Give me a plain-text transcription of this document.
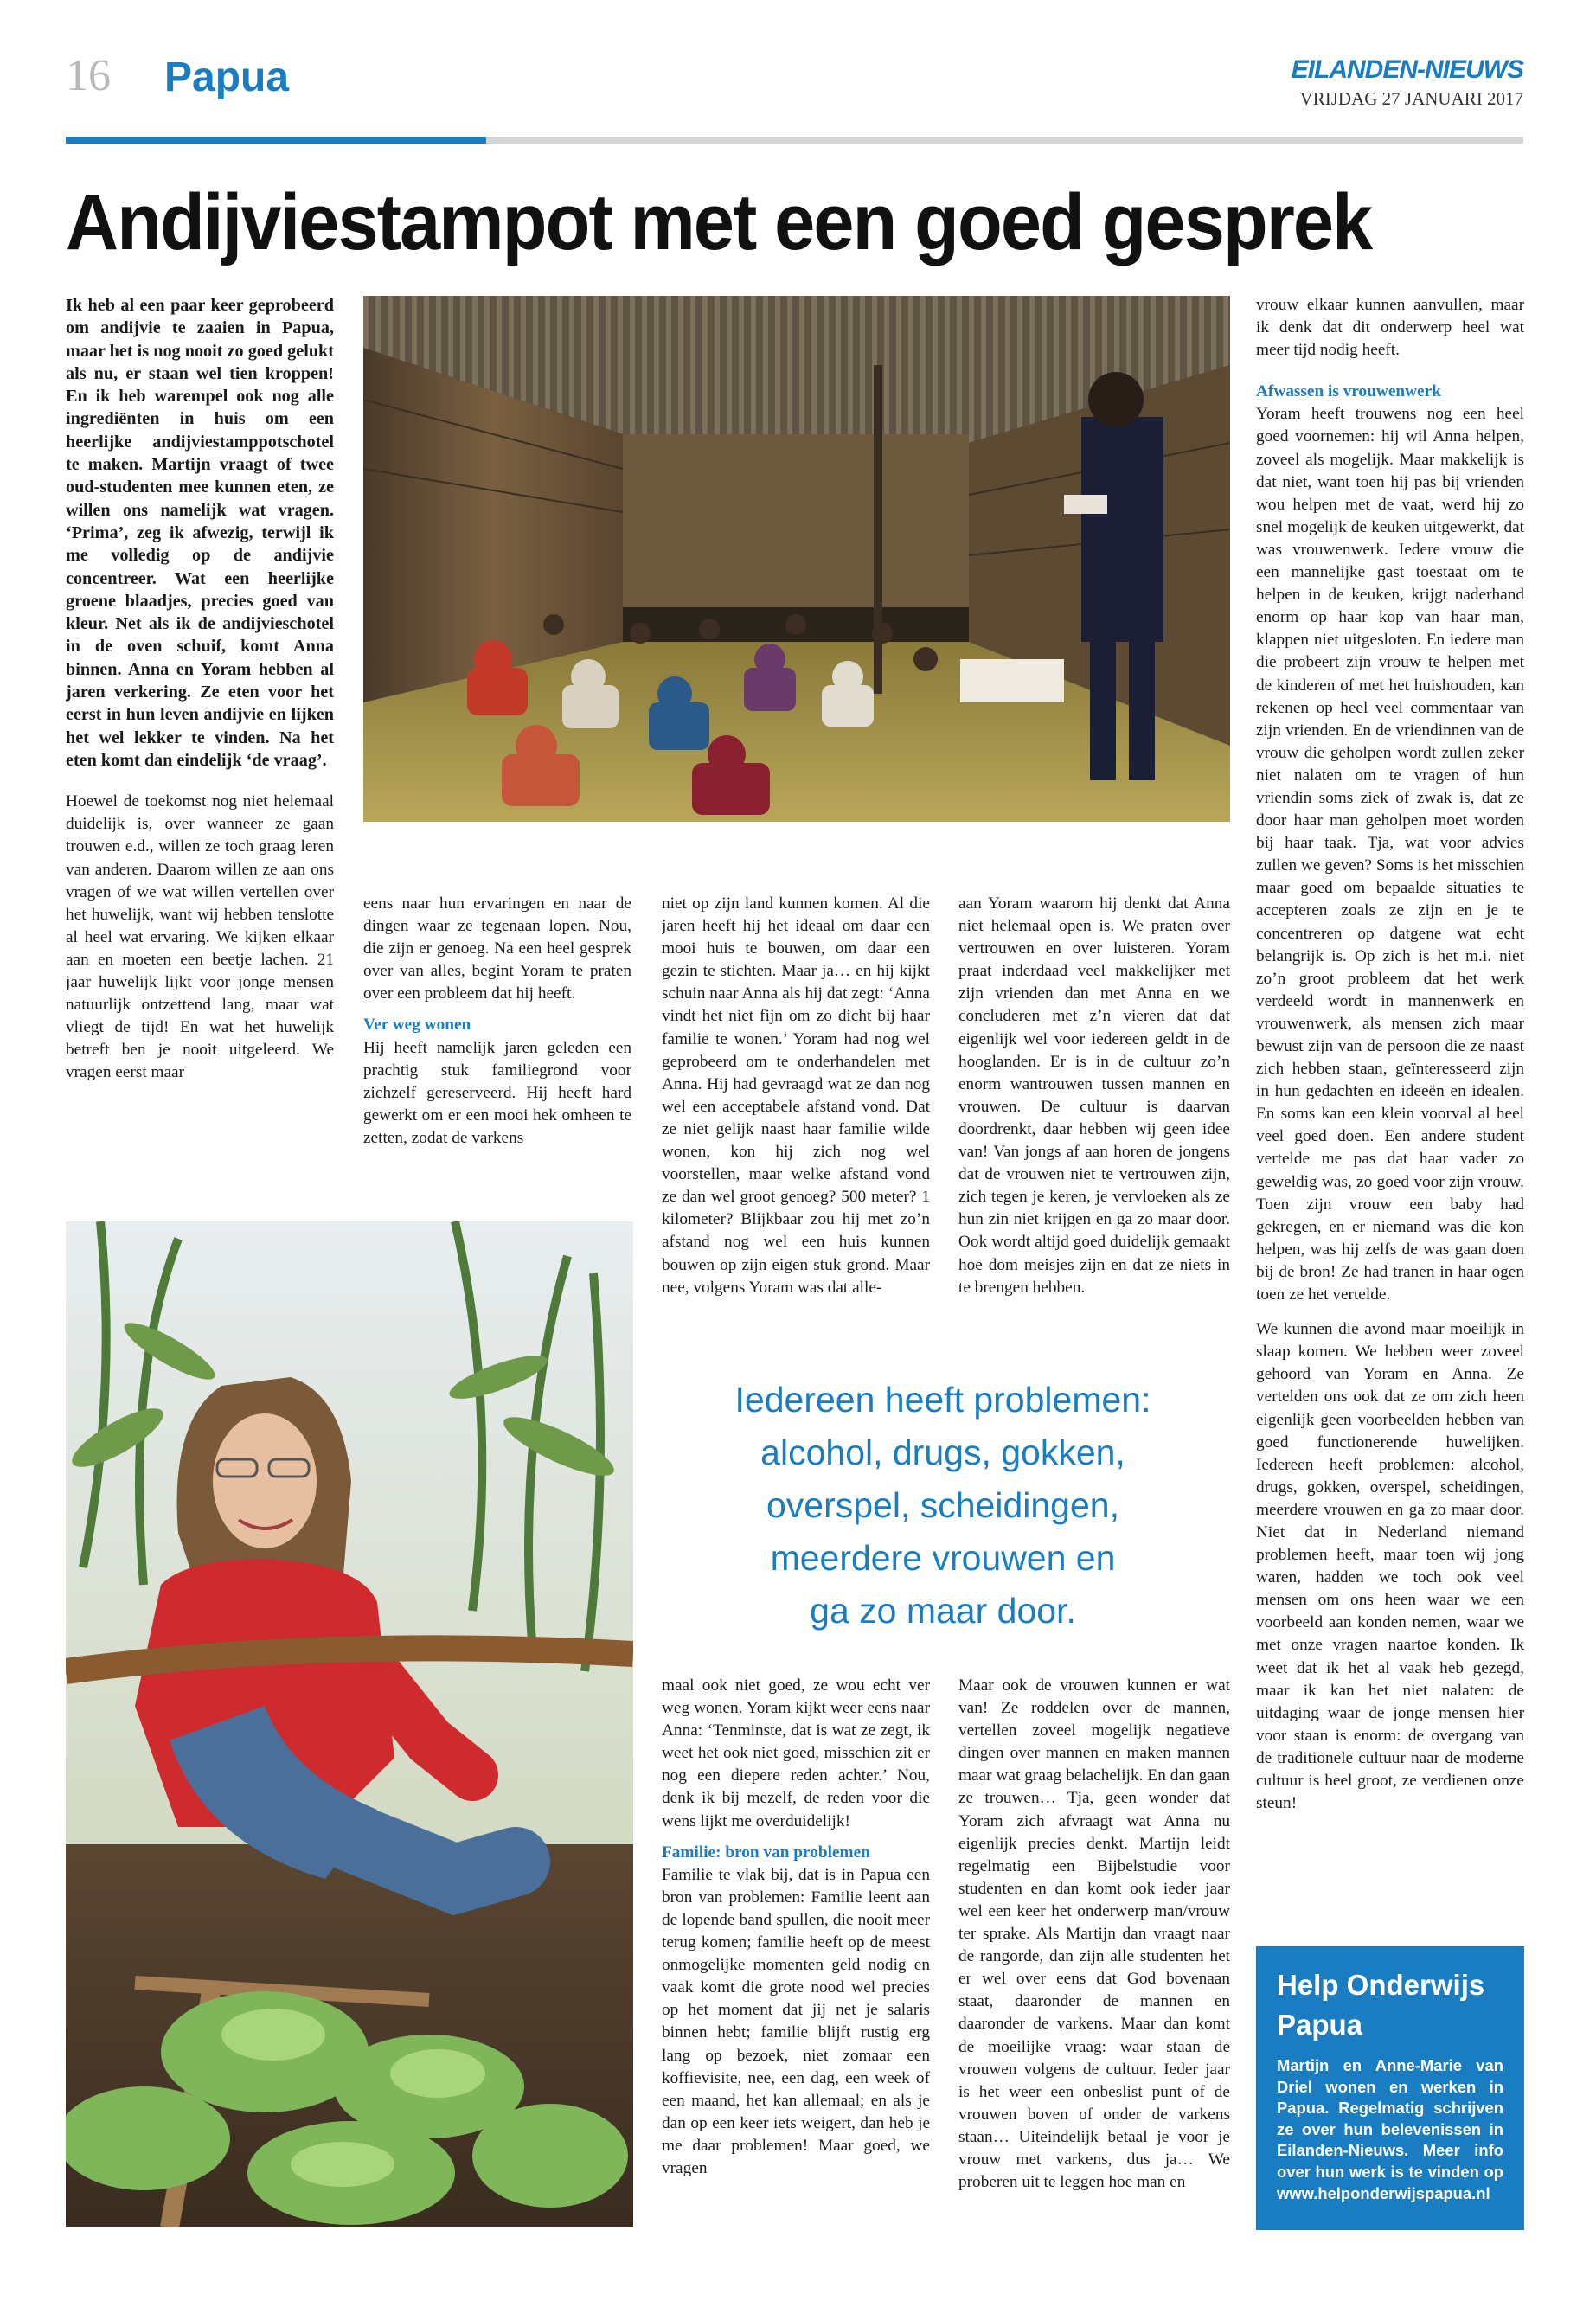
16 Papua	EILANDEN-NIEUWS
VRIJDAG 27 JANUARI 2017
Andijviestampot met een goed gesprek

Ik heb al een paar keer geprobeerd om andijvie te zaaien in Papua, maar het is nog nooit zo goed gelukt als nu, er staan wel tien kroppen! En ik heb warempel ook nog alle ingrediënten in huis om een heerlijke andijviestamppotschotel te maken. Martijn vraagt of twee oud-studenten mee kunnen eten, ze willen ons namelijk wat vragen. ‘Prima’, zeg ik afwezig, terwijl ik me volledig op de andijvie concentreer. Wat een heerlijke groene blaadjes, precies goed van kleur. Net als ik de andijvieschotel in de oven schuif, komt Anna binnen. Anna en Yoram hebben al jaren verkering. Ze eten voor het eerst in hun leven andijvie en lijken het wel lekker te vinden. Na het eten komt dan eindelijk ‘de vraag’.

Hoewel de toekomst nog niet helemaal duidelijk is, over wanneer ze gaan trouwen e.d., willen ze toch graag leren van anderen. Daarom willen ze aan ons vragen of we wat willen vertellen over het huwelijk, want wij hebben tenslotte al heel wat ervaring. We kijken elkaar aan en moeten een beetje lachen. 21 jaar huwelijk lijkt voor jonge mensen natuurlijk ontzettend lang, maar wat vliegt de tijd! En wat het huwelijk betreft ben je nooit uitgeleerd. We vragen eerst maar

eens naar hun ervaringen en naar de dingen waar ze tegenaan lopen. Nou, die zijn er genoeg. Na een heel gesprek over van alles, begint Yoram te praten over een probleem dat hij heeft.

Ver weg wonen

Hij heeft namelijk jaren geleden een prachtig stuk familiegrond voor zichzelf gereserveerd. Hij heeft hard gewerkt om er een mooi hek omheen te zetten, zodat de varkens

niet op zijn land kunnen komen. Al die jaren heeft hij het ideaal om daar een mooi huis te bouwen, om daar een gezin te stichten. Maar ja… en hij kijkt schuin naar Anna als hij dat zegt: ‘Anna vindt het niet fijn om zo dicht bij haar familie te wonen.’ Yoram had nog wel geprobeerd om te onderhandelen met Anna. Hij had gevraagd wat ze dan nog wel een acceptabele afstand vond. Dat ze niet gelijk naast haar familie wilde wonen, kon hij zich nog wel voorstellen, maar welke afstand vond ze dan wel groot genoeg? 500 meter? 1 kilometer? Blijkbaar zou hij met zo’n afstand nog wel een huis kunnen bouwen op zijn eigen stuk grond. Maar nee, volgens Yoram was dat alle-

aan Yoram waarom hij denkt dat Anna niet helemaal open is. We praten over vertrouwen en over luisteren. Yoram praat inderdaad veel makkelijker met zijn vrienden dan met Anna en we concluderen met z’n vieren dat dat eigenlijk wel voor iedereen geldt in de hooglanden. Er is in de cultuur zo’n enorm wantrouwen tussen mannen en vrouwen. De cultuur is daarvan doordrenkt, daar hebben wij geen idee van! Van jongs af aan horen de jongens dat de vrouwen niet te vertrouwen zijn, zich tegen je keren, je vervloeken als ze hun zin niet krijgen en ga zo maar door. Ook wordt altijd goed duidelijk gemaakt hoe dom meisjes zijn en dat ze niets in te brengen hebben.

Iedereen heeft problemen:
alcohol, drugs, gokken,
overspel, scheidingen,
meerdere vrouwen en
ga zo maar door.

maal ook niet goed, ze wou echt ver weg wonen. Yoram kijkt weer eens naar Anna: ‘Tenminste, dat is wat ze zegt, ik weet het ook niet goed, misschien zit er nog een diepere reden achter.’ Nou, denk ik bij mezelf, de reden voor die wens lijkt me overduidelijk!

Familie: bron van problemen

Familie te vlak bij, dat is in Papua een bron van problemen: Familie leent aan de lopende band spullen, die nooit meer terug komen; familie heeft op de meest onmogelijke momenten geld nodig en vaak komt die grote nood wel precies op het moment dat jij net je salaris binnen hebt; familie blijft rustig erg lang op bezoek, niet zomaar een koffievisite, nee, een dag, een week of een maand, het kan allemaal; en als je dan op een keer iets weigert, dan heb je me daar problemen! Maar goed, we vragen

Maar ook de vrouwen kunnen er wat van! Ze roddelen over de mannen, vertellen zoveel mogelijk negatieve dingen over mannen en maken mannen maar wat graag belachelijk. En dan gaan ze trouwen… Tja, geen wonder dat Yoram zich afvraagt wat Anna nu eigenlijk precies denkt. Martijn leidt regelmatig een Bijbelstudie voor studenten en dan komt ook ieder jaar wel een keer het onderwerp man/vrouw ter sprake. Als Martijn dan vraagt naar de rangorde, dan zijn alle studenten het er wel over eens dat God bovenaan staat, daaronder de mannen en daaronder de varkens. Maar dan komt de moeilijke vraag: waar staan de vrouwen volgens de cultuur. Ieder jaar is het weer een onbeslist punt of de vrouwen boven of onder de varkens staan… Uiteindelijk betaal je voor je vrouw met varkens, dus ja… We proberen uit te leggen hoe man en

vrouw elkaar kunnen aanvullen, maar ik denk dat dit onderwerp heel wat meer tijd nodig heeft.

Afwassen is vrouwenwerk

Yoram heeft trouwens nog een heel goed voornemen: hij wil Anna helpen, zoveel als mogelijk. Maar makkelijk is dat niet, want toen hij pas bij vrienden wou helpen met de vaat, werd hij zo snel mogelijk de keuken uitgewerkt, dat was vrouwenwerk. Iedere vrouw die een mannelijke gast toestaat om te helpen in de keuken, krijgt naderhand enorm op haar kop van haar man, klappen niet uitgesloten. En iedere man die probeert zijn vrouw te helpen met de kinderen of met het huishouden, kan rekenen op heel veel commentaar van zijn vrienden. En de vriendinnen van de vrouw die geholpen wordt zullen zeker niet nalaten om te vragen of hun vriendin soms ziek of zwak is, dat ze door haar man geholpen moet worden bij haar taak. Tja, wat voor advies zullen we geven? Soms is het misschien maar goed om bepaalde situaties te accepteren zoals ze zijn en je te concentreren op datgene wat echt belangrijk is. Op zich is het m.i. niet zo’n groot probleem dat het werk verdeeld wordt in mannenwerk en vrouwenwerk, als mensen zich maar bewust zijn van de persoon die ze naast zich hebben staan, geïnteresseerd zijn in hun gedachten en ideeën en idealen. En soms kan een klein voorval al heel veel goed doen. Een andere student vertelde me pas dat haar vader zo geweldig was, zo goed voor zijn vrouw. Toen zijn vrouw een baby had gekregen, en er niemand was die kon helpen, was hij zelfs de was gaan doen bij de bron! Ze had tranen in haar ogen toen ze het vertelde.

We kunnen die avond maar moeilijk in slaap komen. We hebben weer zoveel gehoord van Yoram en Anna. Ze vertelden ons ook dat ze om zich heen eigenlijk geen voorbeelden hebben van goed functionerende huwelijken. Iedereen heeft problemen: alcohol, drugs, gokken, overspel, scheidingen, meerdere vrouwen en ga zo maar door. Niet dat in Nederland niemand problemen heeft, maar toen wij jong waren, hadden we toch ook veel mensen om ons heen waar we een voorbeeld aan konden nemen, waar we met onze vragen naartoe konden. Ik weet dat ik het al vaak heb gezegd, maar ik kan het niet nalaten: de uitdaging waar de jonge mensen hier voor staan is enorm: de overgang van de traditionele cultuur naar de moderne cultuur is heel groot, ze verdienen onze steun!

Help Onderwijs Papua

Martijn en Anne-Marie van Driel wonen en werken in Papua. Regelmatig schrijven ze over hun belevenissen in Eilanden-Nieuws. Meer info over hun werk is te vinden op www.helponderwijspapua.nl
